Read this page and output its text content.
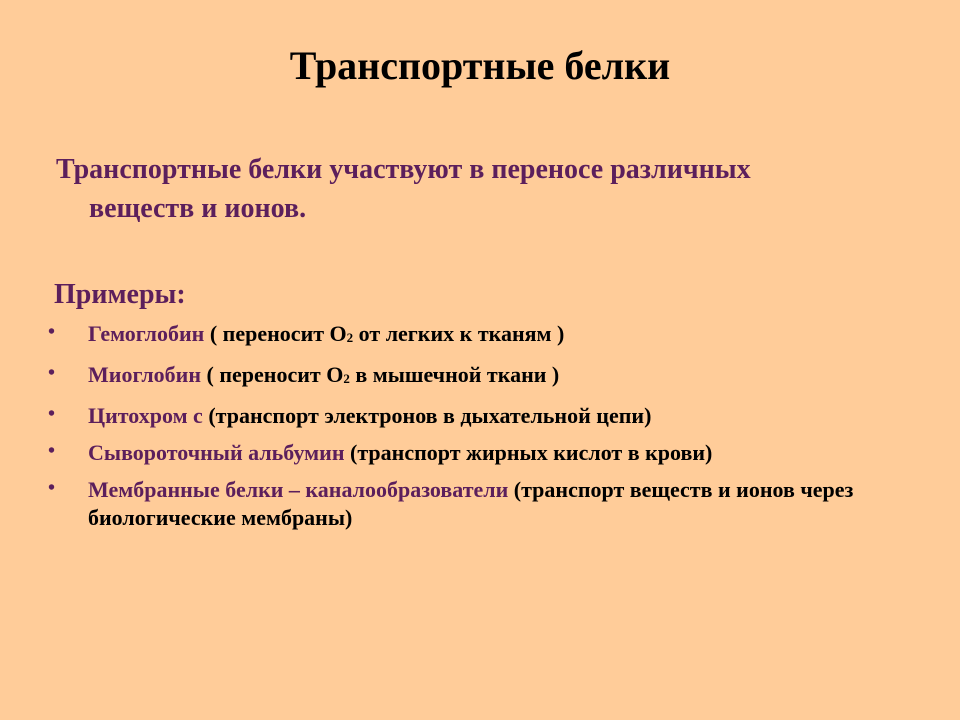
Транспортные белки
Транспортные белки участвуют в переносе различных
веществ и ионов.
Примеры:
•	Гемоглобин ( переносит $О_2$ от легких к тканям )
•	Миоглобин ( переносит $О_2$ в мышечной ткани )
•	Цитохром с (транспорт электронов в дыхательной цепи)
•	Сывороточный альбумин (транспорт жирных кислот в крови)
•	Мембранные белки – каналообразователи (транспорт веществ и ионов через биологические мембраны)
